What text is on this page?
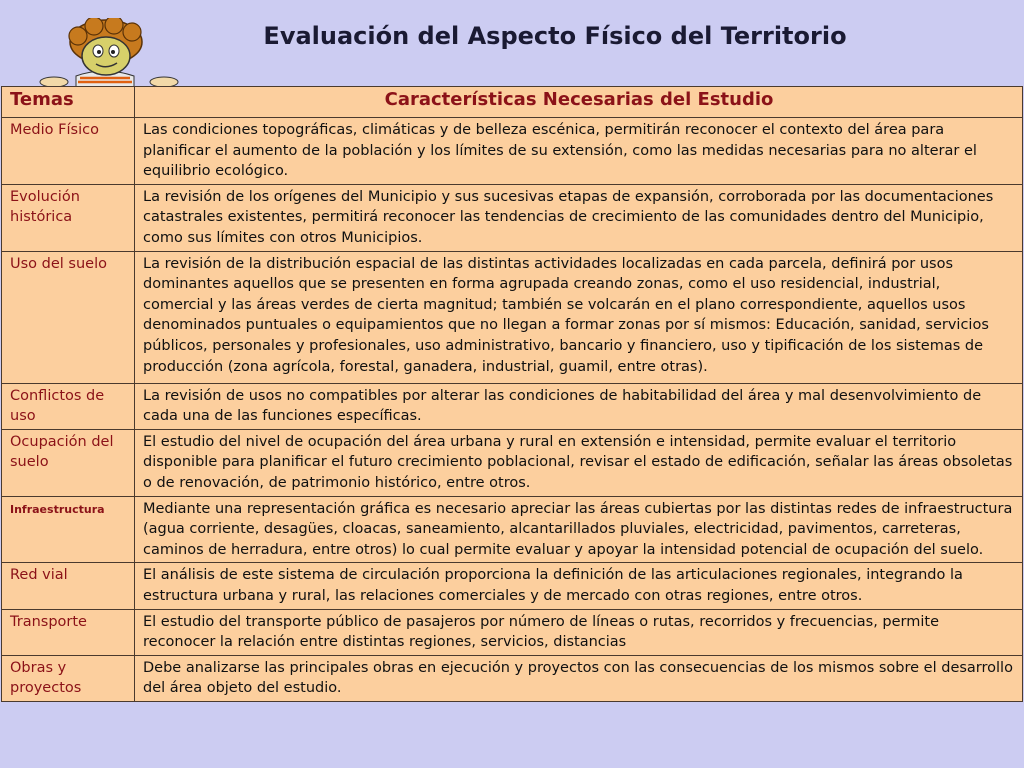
Evaluación del Aspecto Físico del Territorio
Temas	Características Necesarias del Estudio
Medio Físico	Las condiciones topográficas, climáticas y de belleza escénica, permitirán reconocer el contexto del área para planificar el aumento de la población y los límites de su extensión, como las medidas necesarias para no alterar el equilibrio ecológico.
Evolución histórica	La revisión de los orígenes del Municipio y sus sucesivas etapas de expansión, corroborada por las documentaciones catastrales existentes, permitirá reconocer las tendencias de crecimiento de las comunidades dentro del Municipio, como sus límites con otros Municipios.
Uso del suelo	La revisión de la distribución espacial de las distintas actividades localizadas en cada parcela, definirá por usos dominantes aquellos que se presenten en forma agrupada creando zonas, como el uso residencial, industrial, comercial y las áreas verdes de cierta magnitud; también se volcarán en el plano correspondiente, aquellos usos denominados puntuales o equipamientos que no llegan a formar zonas por sí mismos: Educación, sanidad, servicios públicos, personales y profesionales, uso administrativo, bancario y financiero, uso y tipificación de los sistemas de producción (zona agrícola, forestal, ganadera, industrial, guamil, entre otras).
Conflictos de uso	La revisión de usos no compatibles por alterar las condiciones de habitabilidad del área y mal desenvolvimiento de cada una de las funciones específicas.
Ocupación del suelo	El estudio del nivel de ocupación del área urbana y rural en extensión e intensidad, permite evaluar el territorio disponible para planificar el futuro crecimiento poblacional, revisar el estado de edificación, señalar las áreas obsoletas o de renovación, de patrimonio histórico, entre otros.
Infraestructura	Mediante una representación gráfica es necesario apreciar las áreas cubiertas por las distintas redes de infraestructura (agua corriente, desagües, cloacas, saneamiento, alcantarillados pluviales, electricidad, pavimentos, carreteras, caminos de herradura, entre otros) lo cual permite evaluar y apoyar la intensidad potencial de ocupación del suelo.
Red vial	El análisis de este sistema de circulación proporciona la definición de las articulaciones regionales, integrando la estructura urbana y rural, las relaciones comerciales y de mercado con otras regiones, entre otros.
Transporte	El estudio del transporte público de pasajeros por número de líneas o rutas, recorridos y frecuencias, permite reconocer la relación entre distintas regiones, servicios, distancias
Obras y proyectos	Debe analizarse las principales obras en ejecución y proyectos con las consecuencias de los mismos sobre el desarrollo del área objeto del estudio.
